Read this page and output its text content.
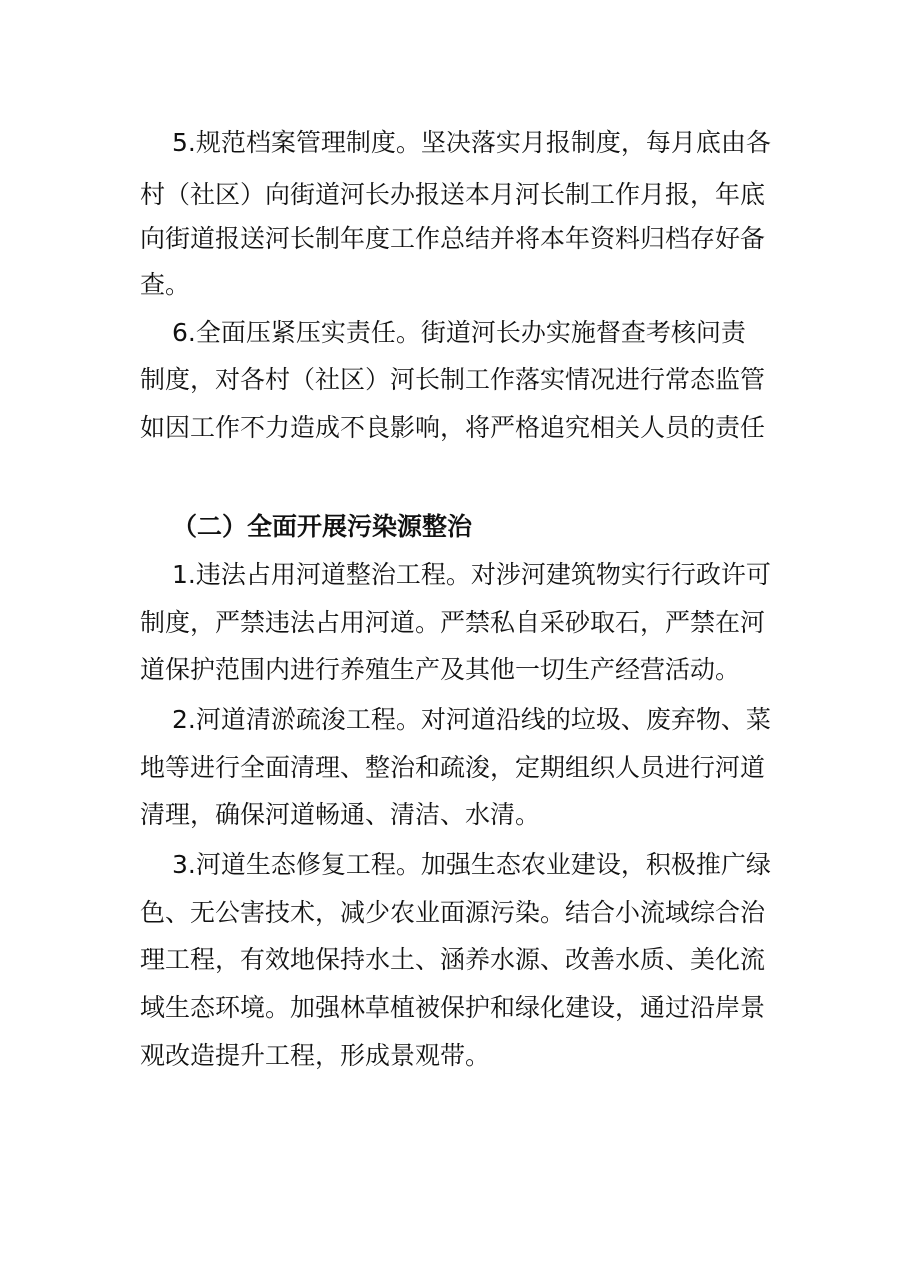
5.规范档案管理制度。坚决落实月报制度，每月底由各

村（社区）向街道河长办报送本月河长制工作月报，年底

向街道报送河长制年度工作总结并将本年资料归档存好备

查。

6.全面压紧压实责任。街道河长办实施督查考核问责

制度，对各村（社区）河长制工作落实情况进行常态监管

如因工作不力造成不良影响，将严格追究相关人员的责任

（二）全面开展污染源整治

1.违法占用河道整治工程。对涉河建筑物实行行政许可

制度，严禁违法占用河道。严禁私自采砂取石，严禁在河

道保护范围内进行养殖生产及其他一切生产经营活动。

2.河道清淤疏浚工程。对河道沿线的垃圾、废弃物、菜

地等进行全面清理、整治和疏浚，定期组织人员进行河道

清理，确保河道畅通、清洁、水清。

3.河道生态修复工程。加强生态农业建设，积极推广绿

色、无公害技术，减少农业面源污染。结合小流域综合治

理工程，有效地保持水土、涵养水源、改善水质、美化流

域生态环境。加强林草植被保护和绿化建设，通过沿岸景

观改造提升工程，形成景观带。
